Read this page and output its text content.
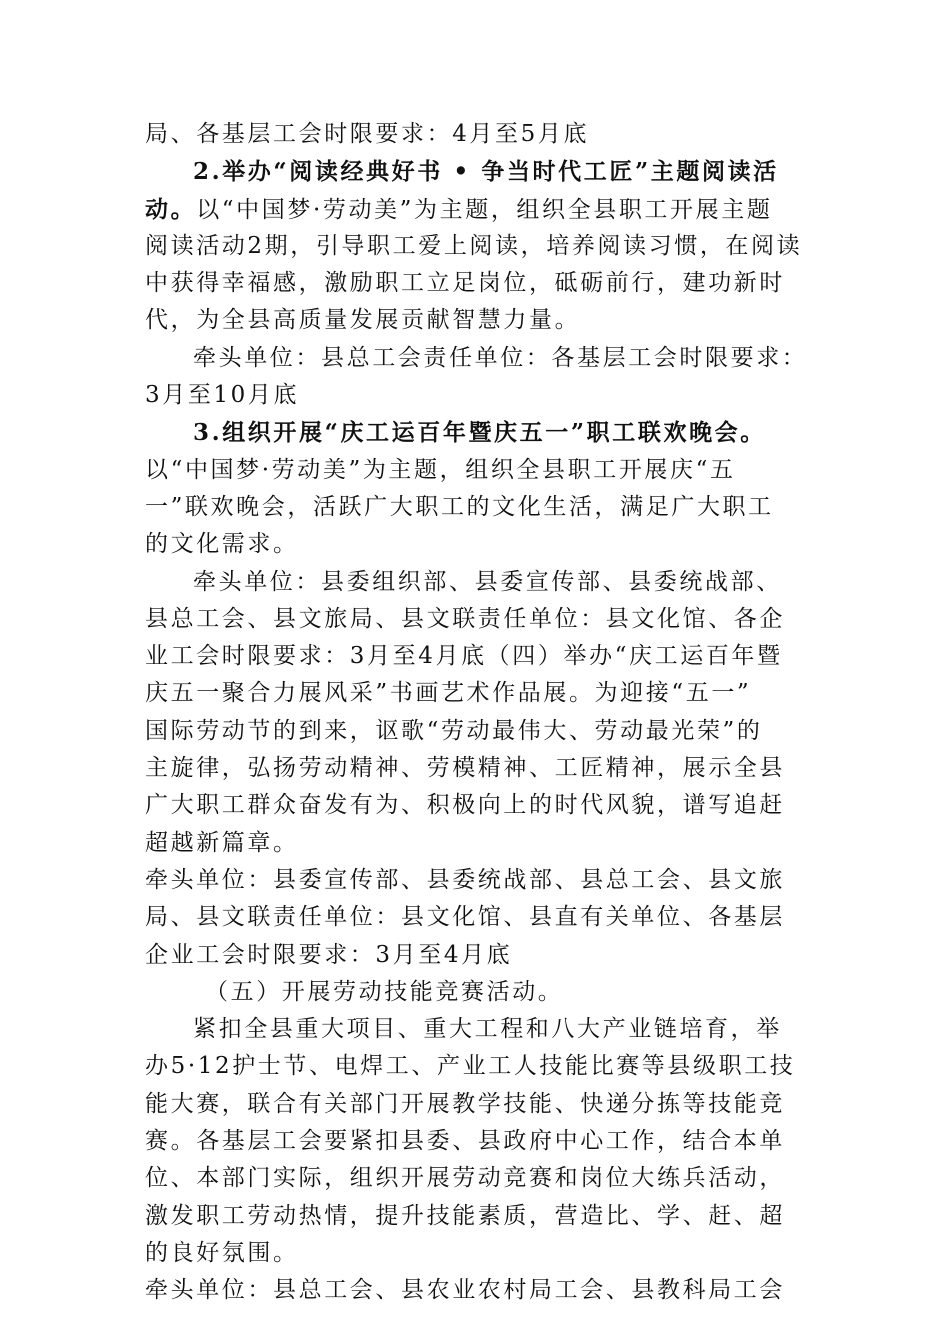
局、各基层工会时限要求：4月至5月底
2.举办“阅读经典好书 • 争当时代工匠”主题阅读活
动。以“中国梦·劳动美”为主题，组织全县职工开展主题
阅读活动2期，引导职工爱上阅读，培养阅读习惯，在阅读
中获得幸福感，激励职工立足岗位，砥砺前行，建功新时
代，为全县高质量发展贡献智慧力量。
牵头单位：县总工会责任单位：各基层工会时限要求：
3月至10月底
3.组织开展“庆工运百年暨庆五一”职工联欢晚会。
以“中国梦·劳动美”为主题，组织全县职工开展庆“五
一”联欢晚会，活跃广大职工的文化生活，满足广大职工
的文化需求。
牵头单位：县委组织部、县委宣传部、县委统战部、
县总工会、县文旅局、县文联责任单位：县文化馆、各企
业工会时限要求：3月至4月底（四）举办“庆工运百年暨
庆五一聚合力展风采”书画艺术作品展。为迎接“五一”
国际劳动节的到来，讴歌“劳动最伟大、劳动最光荣”的
主旋律，弘扬劳动精神、劳模精神、工匠精神，展示全县
广大职工群众奋发有为、积极向上的时代风貌，谱写追赶
超越新篇章。
牵头单位：县委宣传部、县委统战部、县总工会、县文旅
局、县文联责任单位：县文化馆、县直有关单位、各基层
企业工会时限要求：3月至4月底
（五）开展劳动技能竞赛活动。
紧扣全县重大项目、重大工程和八大产业链培育，举
办5·12护士节、电焊工、产业工人技能比赛等县级职工技
能大赛，联合有关部门开展教学技能、快递分拣等技能竞
赛。各基层工会要紧扣县委、县政府中心工作，结合本单
位、本部门实际，组织开展劳动竞赛和岗位大练兵活动，
激发职工劳动热情，提升技能素质，营造比、学、赶、超
的良好氛围。
牵头单位：县总工会、县农业农村局工会、县教科局工会
